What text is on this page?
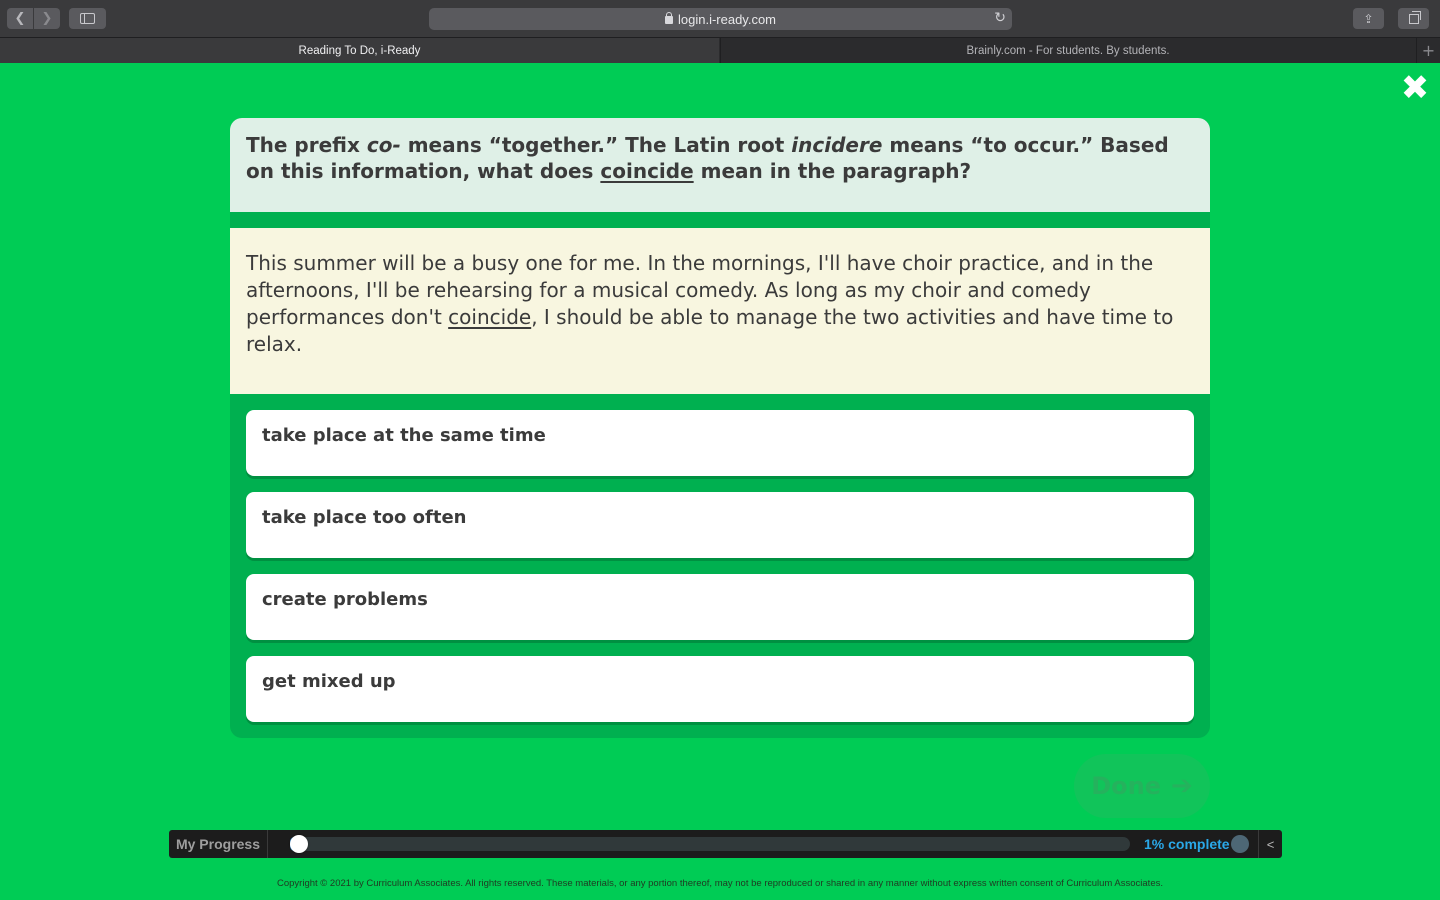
❮ ❯	login.i-ready.com	↻	⇪
Reading To Do, i-Ready	Brainly.com - For students. By students.	+
✖
The prefix co- means “together.” The Latin root incidere means “to occur.” Based on this information, what does coincide mean in the paragraph?
This summer will be a busy one for me. In the mornings, I'll have choir practice, and in the afternoons, I'll be rehearsing for a musical comedy. As long as my choir and comedy performances don't coincide, I should be able to manage the two activities and have time to relax.
take place at the same time
take place too often
create problems
get mixed up
Done ➔
My Progress	1% complete	<
Copyright © 2021 by Curriculum Associates. All rights reserved. These materials, or any portion thereof, may not be reproduced or shared in any manner without express written consent of Curriculum Associates.
